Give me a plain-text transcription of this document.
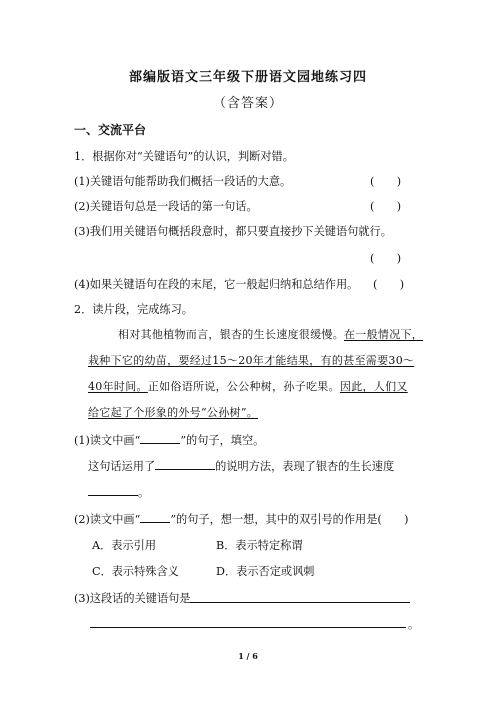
部编版语文三年级下册语文园地练习四
（含答案）
一、交流平台
1．根据你对“关键语句”的认识，判断对错。
(1)关键语句能帮助我们概括一段话的大意。	(　　)
(2)关键语句总是一段话的第一句话。	(　　)
(3)我们用关键语句概括段意时，都只要直接抄下关键语句就行。
(　　)
(4)如果关键语句在段的末尾，它一般起归纳和总结作用。 (　　)
2．读片段，完成练习。
相对其他植物而言，银杏的生长速度很缓慢。在一般情况下，
栽种下它的幼苗，要经过15～20年才能结果，有的甚至需要30～
40年时间。正如俗语所说，公公种树，孙子吃果。因此，人们又
给它起了个形象的外号“公孙树”。
(1)读文中画“	”的句子，填空。
这句话运用了	的说明方法，表现了银杏的生长速度
。
(2)读文中画“	”的句子，想一想，其中的双引号的作用是(　　)
A．表示引用	B．表示特定称谓
C．表示特殊含义	D．表示否定或讽刺
(3)这段话的关键语句是
。
1 / 6
